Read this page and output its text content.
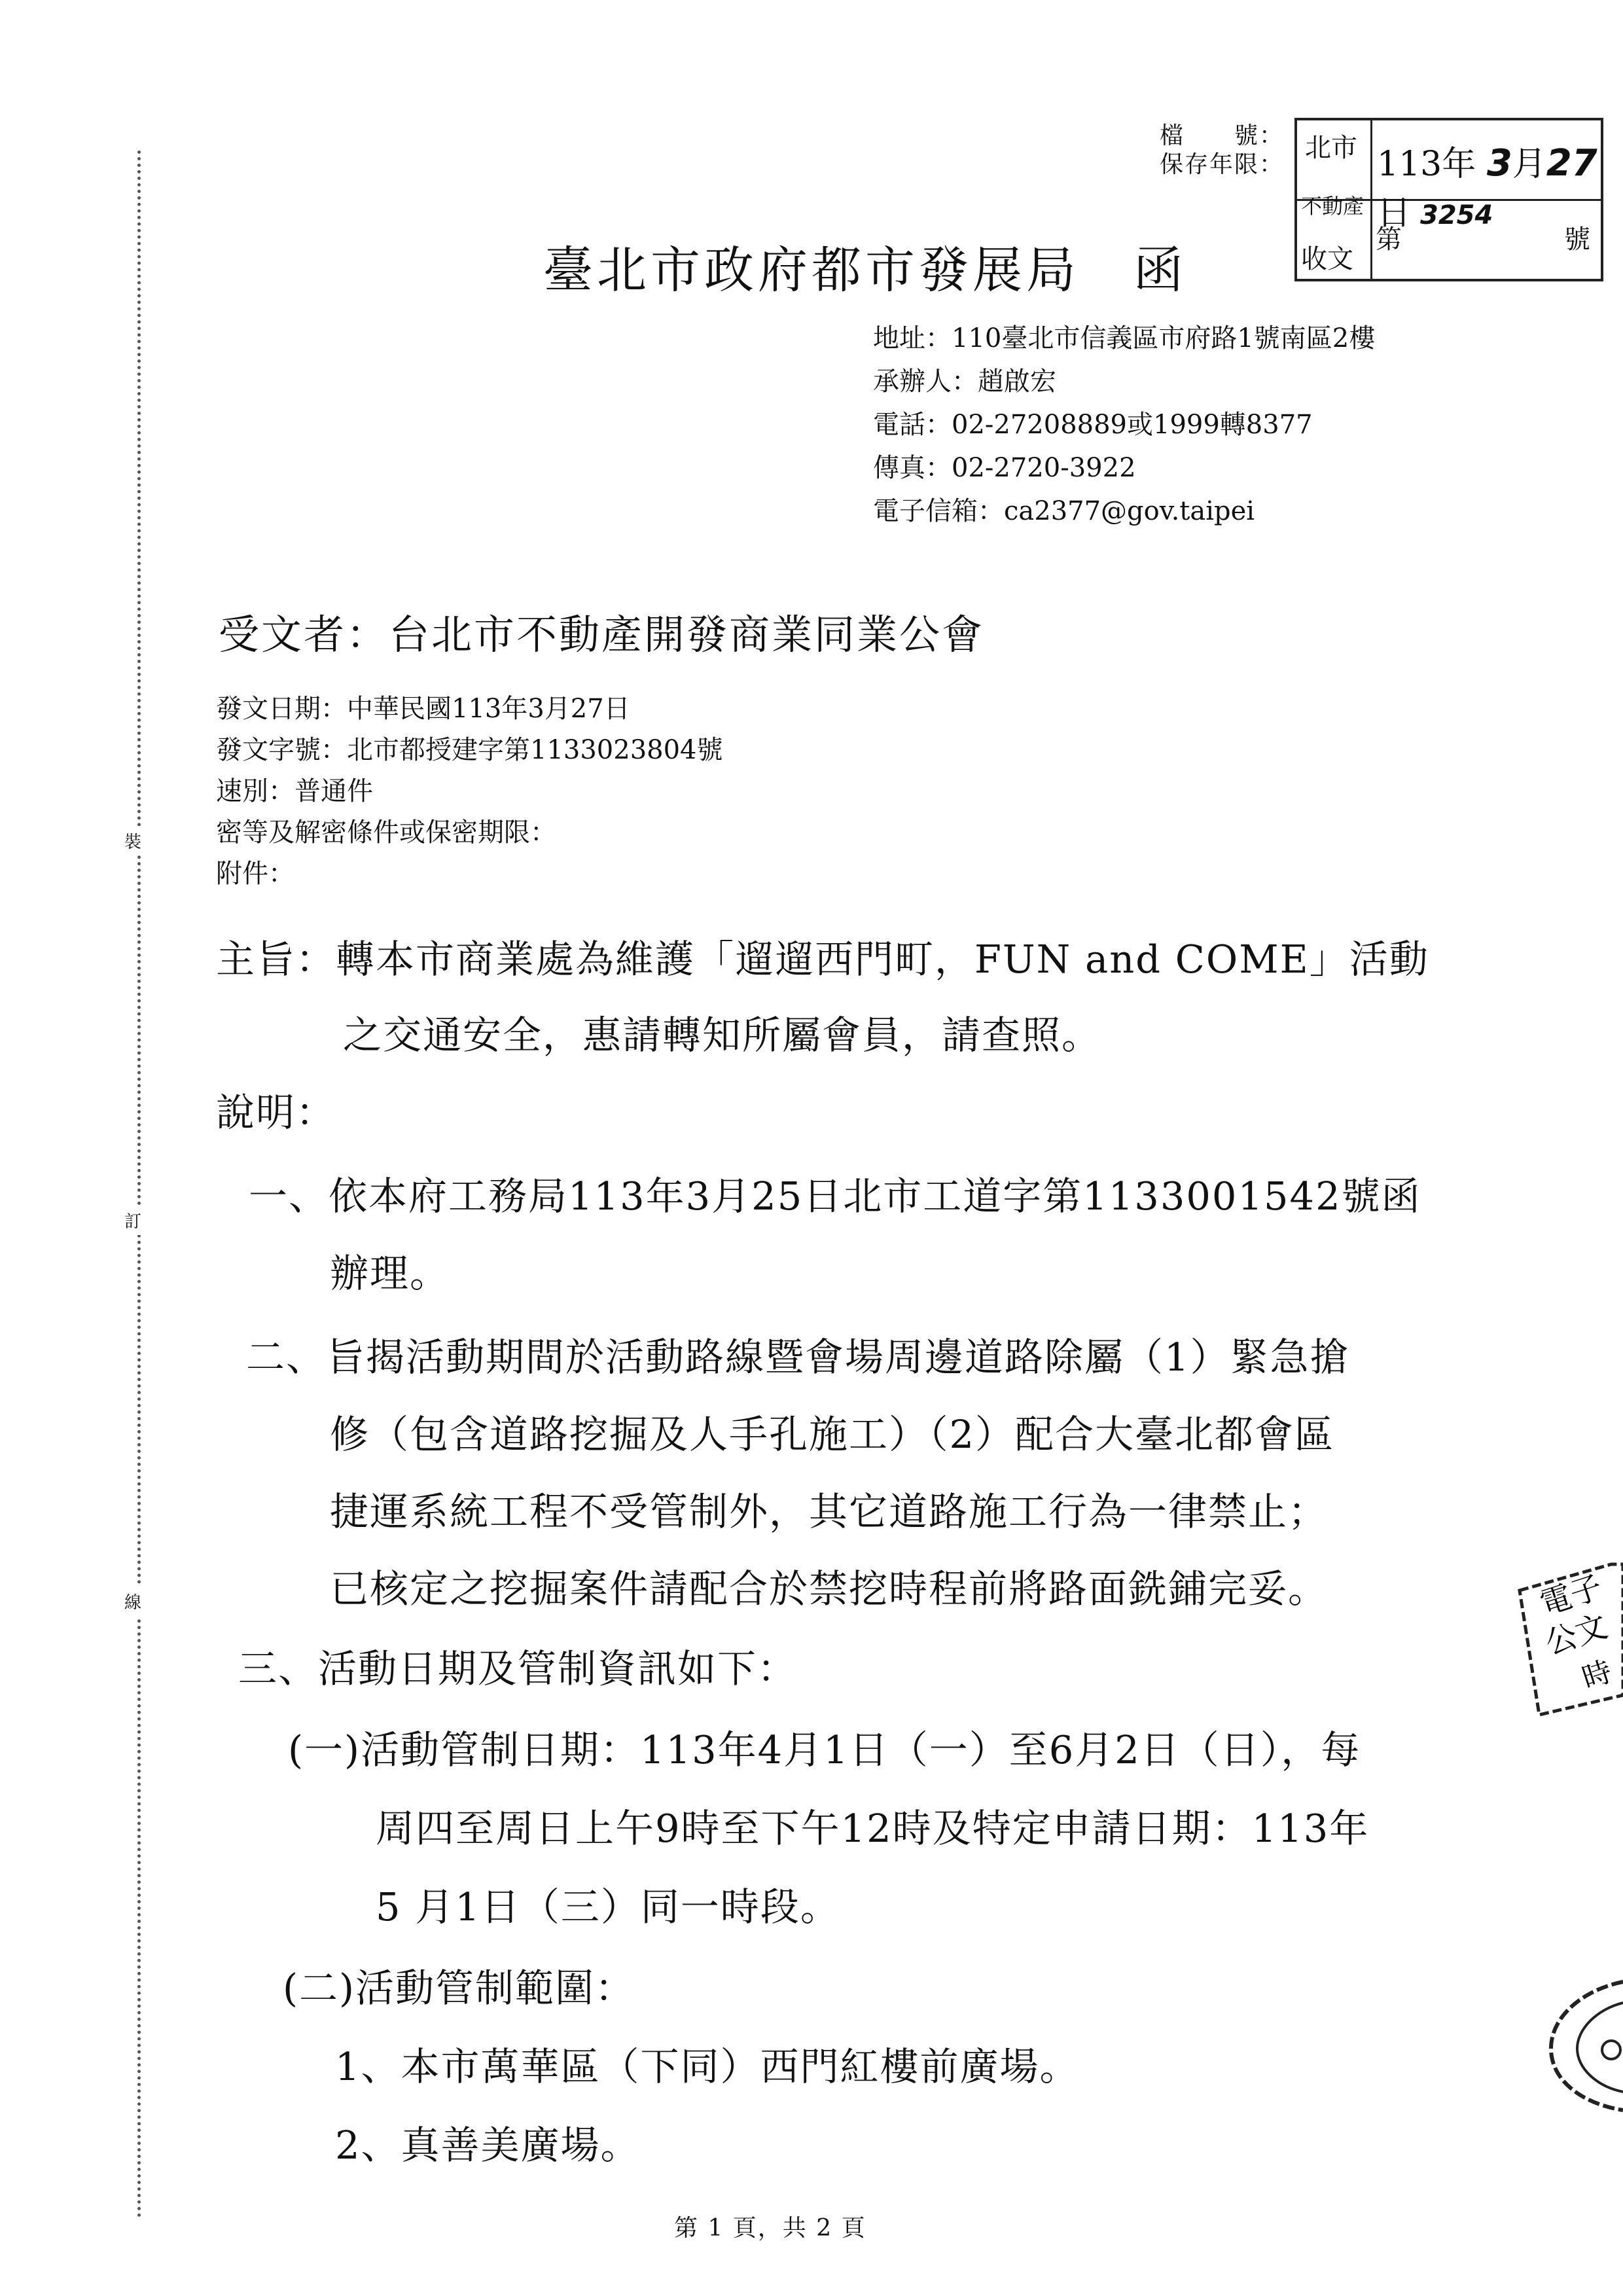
裝
訂
線
檔　　號：
保存年限：
北市
不動產
收文
113年 3月27日
第
3254
號
臺北市政府都市發展局　函
地址：110臺北市信義區市府路1號南區2樓
承辦人：趙啟宏
電話：02-27208889或1999轉8377
傳真：02-2720-3922
電子信箱：ca2377@gov.taipei
受文者：台北市不動產開發商業同業公會
發文日期：中華民國113年3月27日
發文字號：北市都授建字第1133023804號
速別：普通件
密等及解密條件或保密期限：
附件：
主旨：轉本市商業處為維護「遛遛西門町，FUN and COME」活動
之交通安全，惠請轉知所屬會員，請查照。
說明：
一、依本府工務局113年3月25日北市工道字第1133001542號函
辦理。
二、旨揭活動期間於活動路線暨會場周邊道路除屬（1）緊急搶
修（包含道路挖掘及人手孔施工）（2）配合大臺北都會區
捷運系統工程不受管制外，其它道路施工行為一律禁止；
已核定之挖掘案件請配合於禁挖時程前將路面銑鋪完妥。
三、活動日期及管制資訊如下：
(一)活動管制日期：113年4月1日（一）至6月2日（日），每
周四至周日上午9時至下午12時及特定申請日期：113年
5 月1日（三）同一時段。
(二)活動管制範圍：
1、本市萬華區（下同）西門紅樓前廣場。
2、真善美廣場。
電子
公文
時
第 1 頁，共 2 頁
